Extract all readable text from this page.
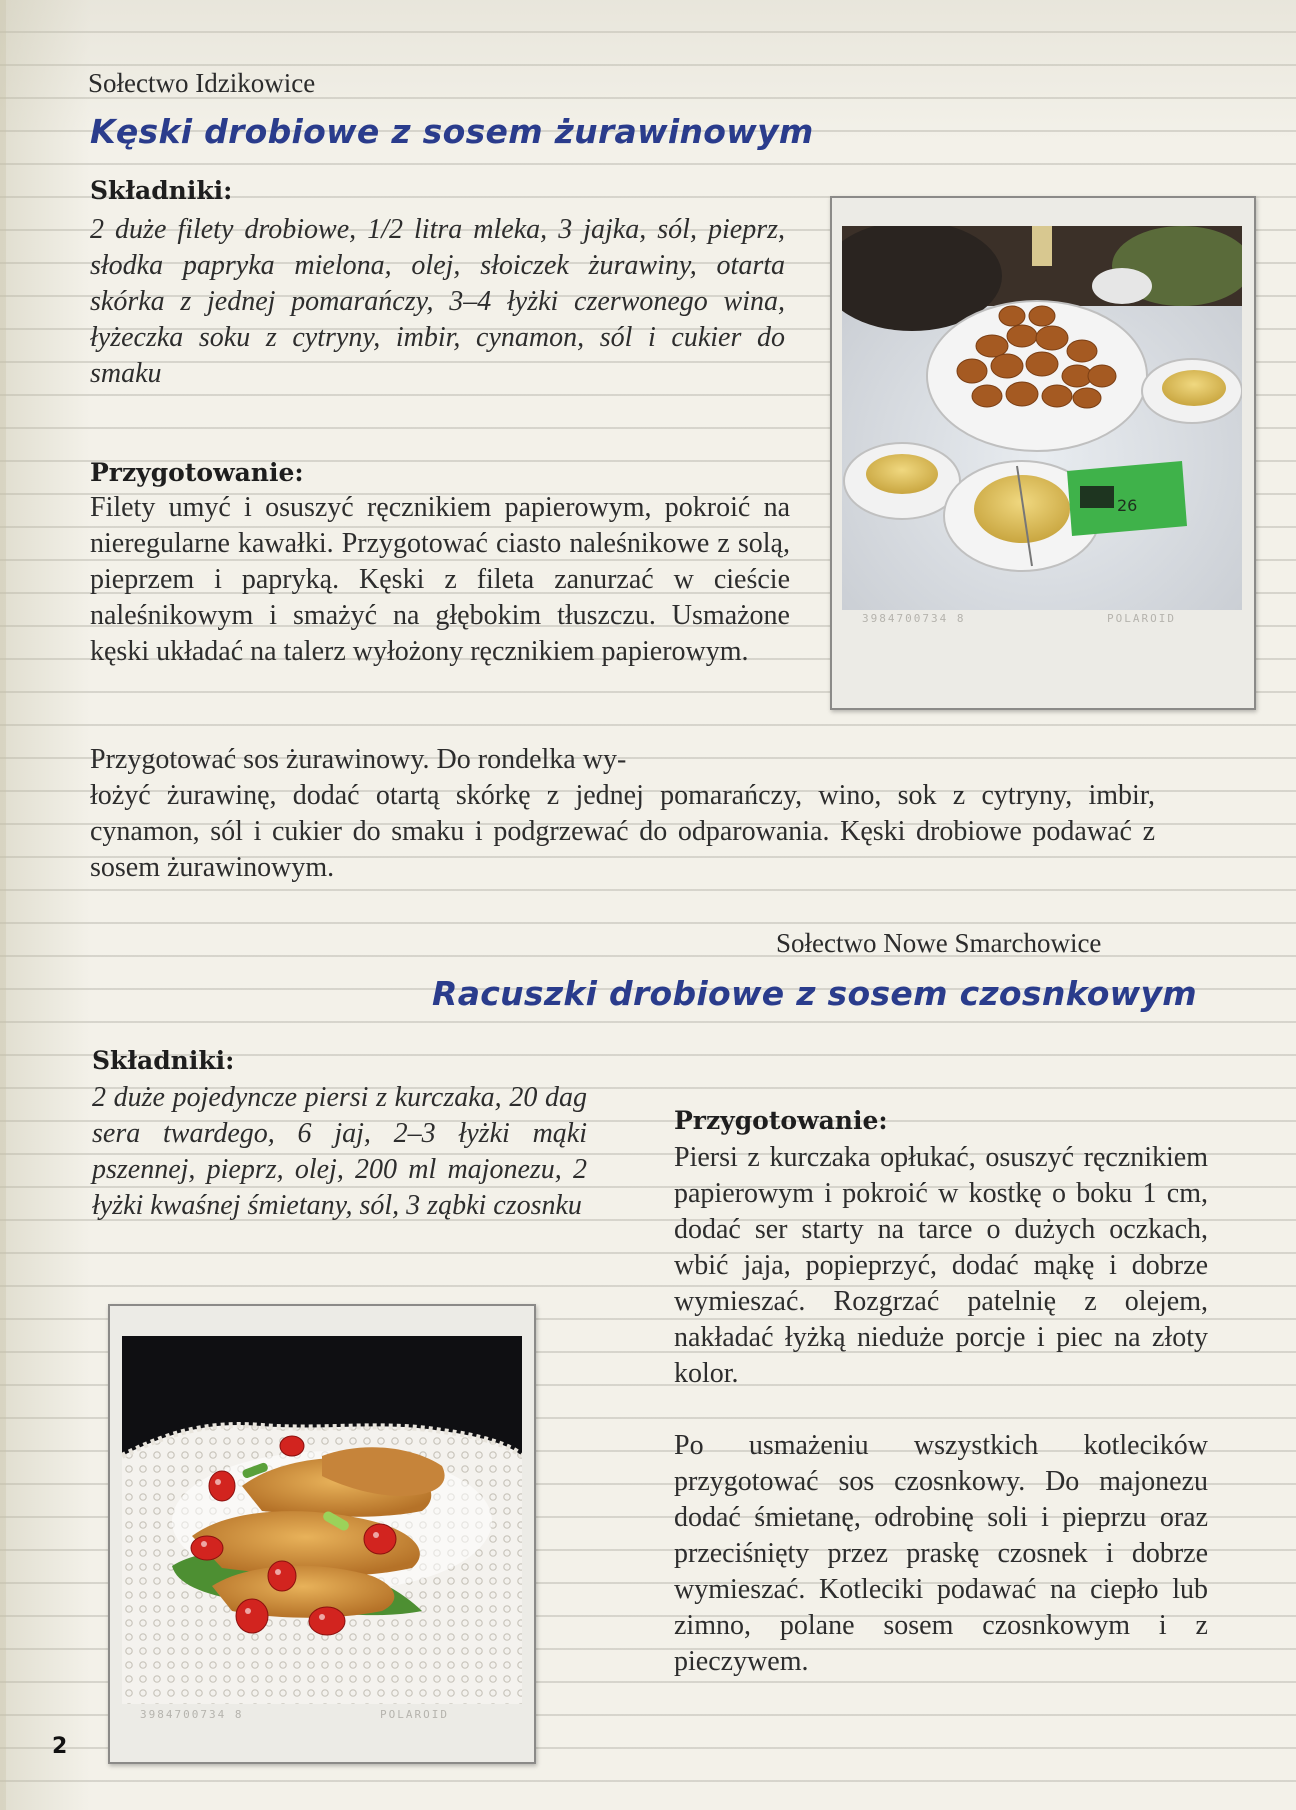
Sołectwo Idzikowice
Kęski drobiowe z sosem żurawinowym
Składniki:

2 duże filety drobiowe, 1/2 litra mleka, 3 jajka, sól, pieprz, słodka papryka mielona, olej, słoiczek żurawiny, otarta skórka z jednej pomarańczy, 3–4 łyżki czerwonego wina, łyżeczka soku z cytryny, imbir, cynamon, sól i cukier do smaku

Przygotowanie:

Filety umyć i osuszyć ręcznikiem papierowym, pokroić na nieregularne kawałki. Przygotować ciasto naleśnikowe z solą, pieprzem i papryką. Kęski z fileta zanurzać w cieście naleśnikowym i smażyć na głębokim tłuszczu. Usmażone kęski układać na talerz wyłożony ręcznikiem papierowym.

Przygotować sos żurawinowy. Do rondelka wy-

łożyć żurawinę, dodać otartą skórkę z jednej pomarańczy, wino, sok z cytryny, imbir, cynamon, sól i cukier do smaku i podgrzewać do odparowania. Kęski drobiowe podawać z sosem żurawinowym.

26
3984700734 8	POLAROID
Sołectwo Nowe Smarchowice
Racuszki drobiowe z sosem czosnkowym
Składniki:

2 duże pojedyncze piersi z kurczaka, 20 dag sera twardego, 6 jaj, 2–3 łyżki mąki pszennej, pieprz, olej, 200 ml majonezu, 2 łyżki kwaśnej śmietany, sól, 3 ząbki czosnku

Przygotowanie:

Piersi z kurczaka opłukać, osuszyć ręcznikiem papierowym i pokroić w kostkę o boku 1 cm, dodać ser starty na tarce o dużych oczkach, wbić jaja, popieprzyć, dodać mąkę i dobrze wymieszać. Rozgrzać patelnię z olejem, nakładać łyżką nieduże porcje i piec na złoty kolor.

Po usmażeniu wszystkich kotlecików przygotować sos czosnkowy. Do majonezu dodać śmietanę, odrobinę soli i pieprzu oraz przeciśnięty przez praskę czosnek i dobrze wymieszać. Kotleciki podawać na ciepło lub zimno, polane sosem czosnkowym i z pieczywem.

3984700734 8	POLAROID
2
